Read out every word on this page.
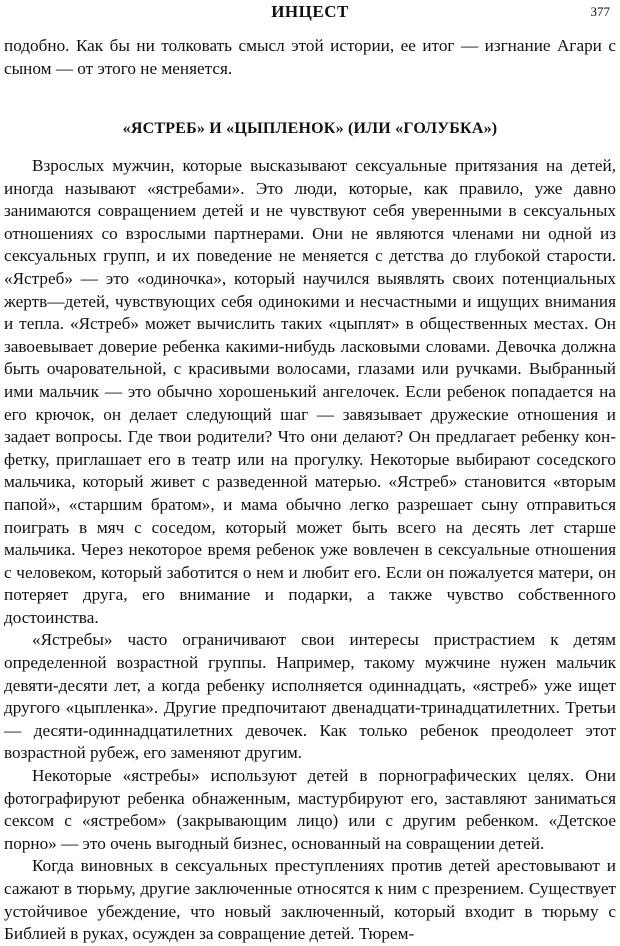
ИНЦЕСТ	377

подобно. Как бы ни толковать смысл этой истории, ее итог — изгнание Агари с сыном — от этого не меняется.

«ЯСТРЕБ» И «ЦЫПЛЕНОК» (ИЛИ «ГОЛУБКА»)

Взрослых мужчин, которые высказывают сексуальные притязания на детей, иногда называют «ястребами». Это люди, которые, как правило, уже давно занимаются совращением детей и не чувствуют себя уверенными в сексуальных отношениях со взрослыми партнерами. Они не являются членами ни одной из сексуальных групп, и их поведение не меняется с детства до глубокой старости. «Ястреб» — это «одиночка», который научился выявлять своих потенциальных жертв—детей, чувствующих себя одинокими и несчастными и ищущих внимания и тепла. «Ястреб» может вычислить таких «цыплят» в общественных местах. Он завоевывает доверие ребенка какими-нибудь ласковыми словами. Девочка должна быть очаровательной, с красивыми волосами, глазами или ручками. Выбранный ими мальчик — это обычно хорошенький ангелочек. Если ребенок попадается на его крючок, он делает следующий шаг — завязывает дружеские отношения и задает вопросы. Где твои родители? Что они делают? Он предлагает ребенку конфетку, приглашает его в театр или на прогулку. Некоторые выбирают соседского мальчика, который живет с разведенной матерью. «Ястреб» становится «вторым папой», «старшим братом», и мама обычно легко разрешает сыну отправиться поиграть в мяч с соседом, который может быть всего на десять лет старше мальчика. Через некоторое время ребенок уже вовлечен в сексуальные отношения с человеком, который заботится о нем и любит его. Если он пожалуется матери, он потеряет друга, его внимание и подарки, а также чувство собственного достоинства.

«Ястребы» часто ограничивают свои интересы пристрастием к детям определенной возрастной группы. Например, такому мужчине нужен мальчик девяти-десяти лет, а когда ребенку исполняется одиннадцать, «ястреб» уже ищет другого «цыпленка». Другие предпочитают двенадцати-тринадцатилетних. Третьи — десяти-одиннадцатилетних девочек. Как только ребенок преодолеет этот возрастной рубеж, его заменяют другим.

Некоторые «ястребы» используют детей в порнографических целях. Они фотографируют ребенка обнаженным, мастурбируют его, заставляют заниматься сексом с «ястребом» (закрывающим лицо) или с другим ребенком. «Детское порно» — это очень выгодный бизнес, основанный на совращении детей.

Когда виновных в сексуальных преступлениях против детей арестовывают и сажают в тюрьму, другие заключенные относятся к ним с презрением. Существует устойчивое убеждение, что новый заключенный, который входит в тюрьму с Библией в руках, осужден за совращение детей. Тюрем-
